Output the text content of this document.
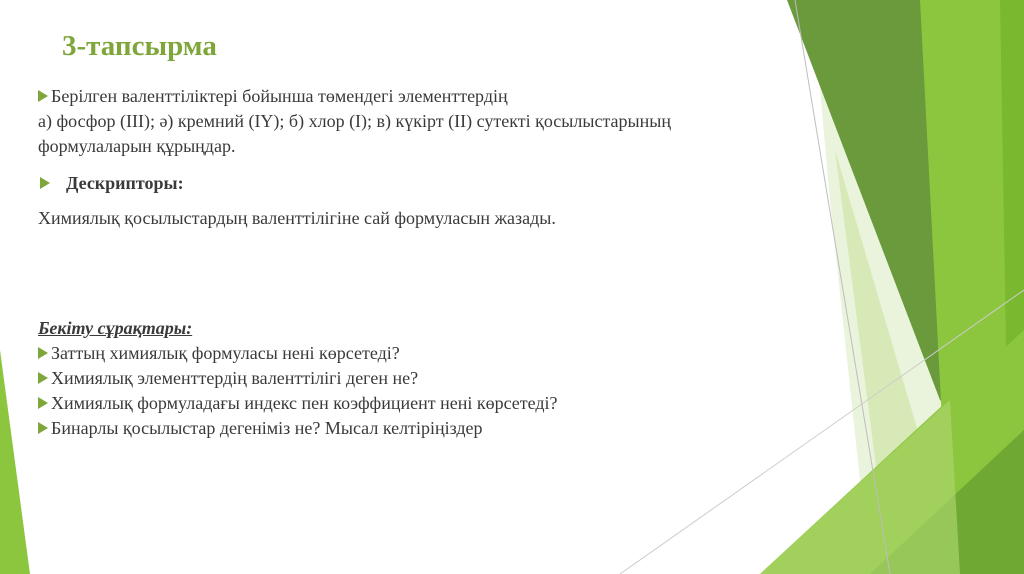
3-тапсырма
Берілген валенттіліктері бойынша төмендегі элементтердің
а) фосфор (ІІІ); ә) кремний (IY); б) хлор (І); в) күкірт (ІІ) сутекті қосылыстарының
формулаларын құрыңдар.
Дескрипторы:
Химиялық қосылыстардың валенттілігіне сай формуласын жазады.
Бекіту сұрақтары:
Заттың химиялық формуласы нені көрсетеді?
Химиялық элементтердің валенттілігі деген не?
Химиялық формуладағы индекс пен коэффициент нені көрсетеді?
Бинарлы қосылыстар дегеніміз не? Мысал келтіріңіздер
